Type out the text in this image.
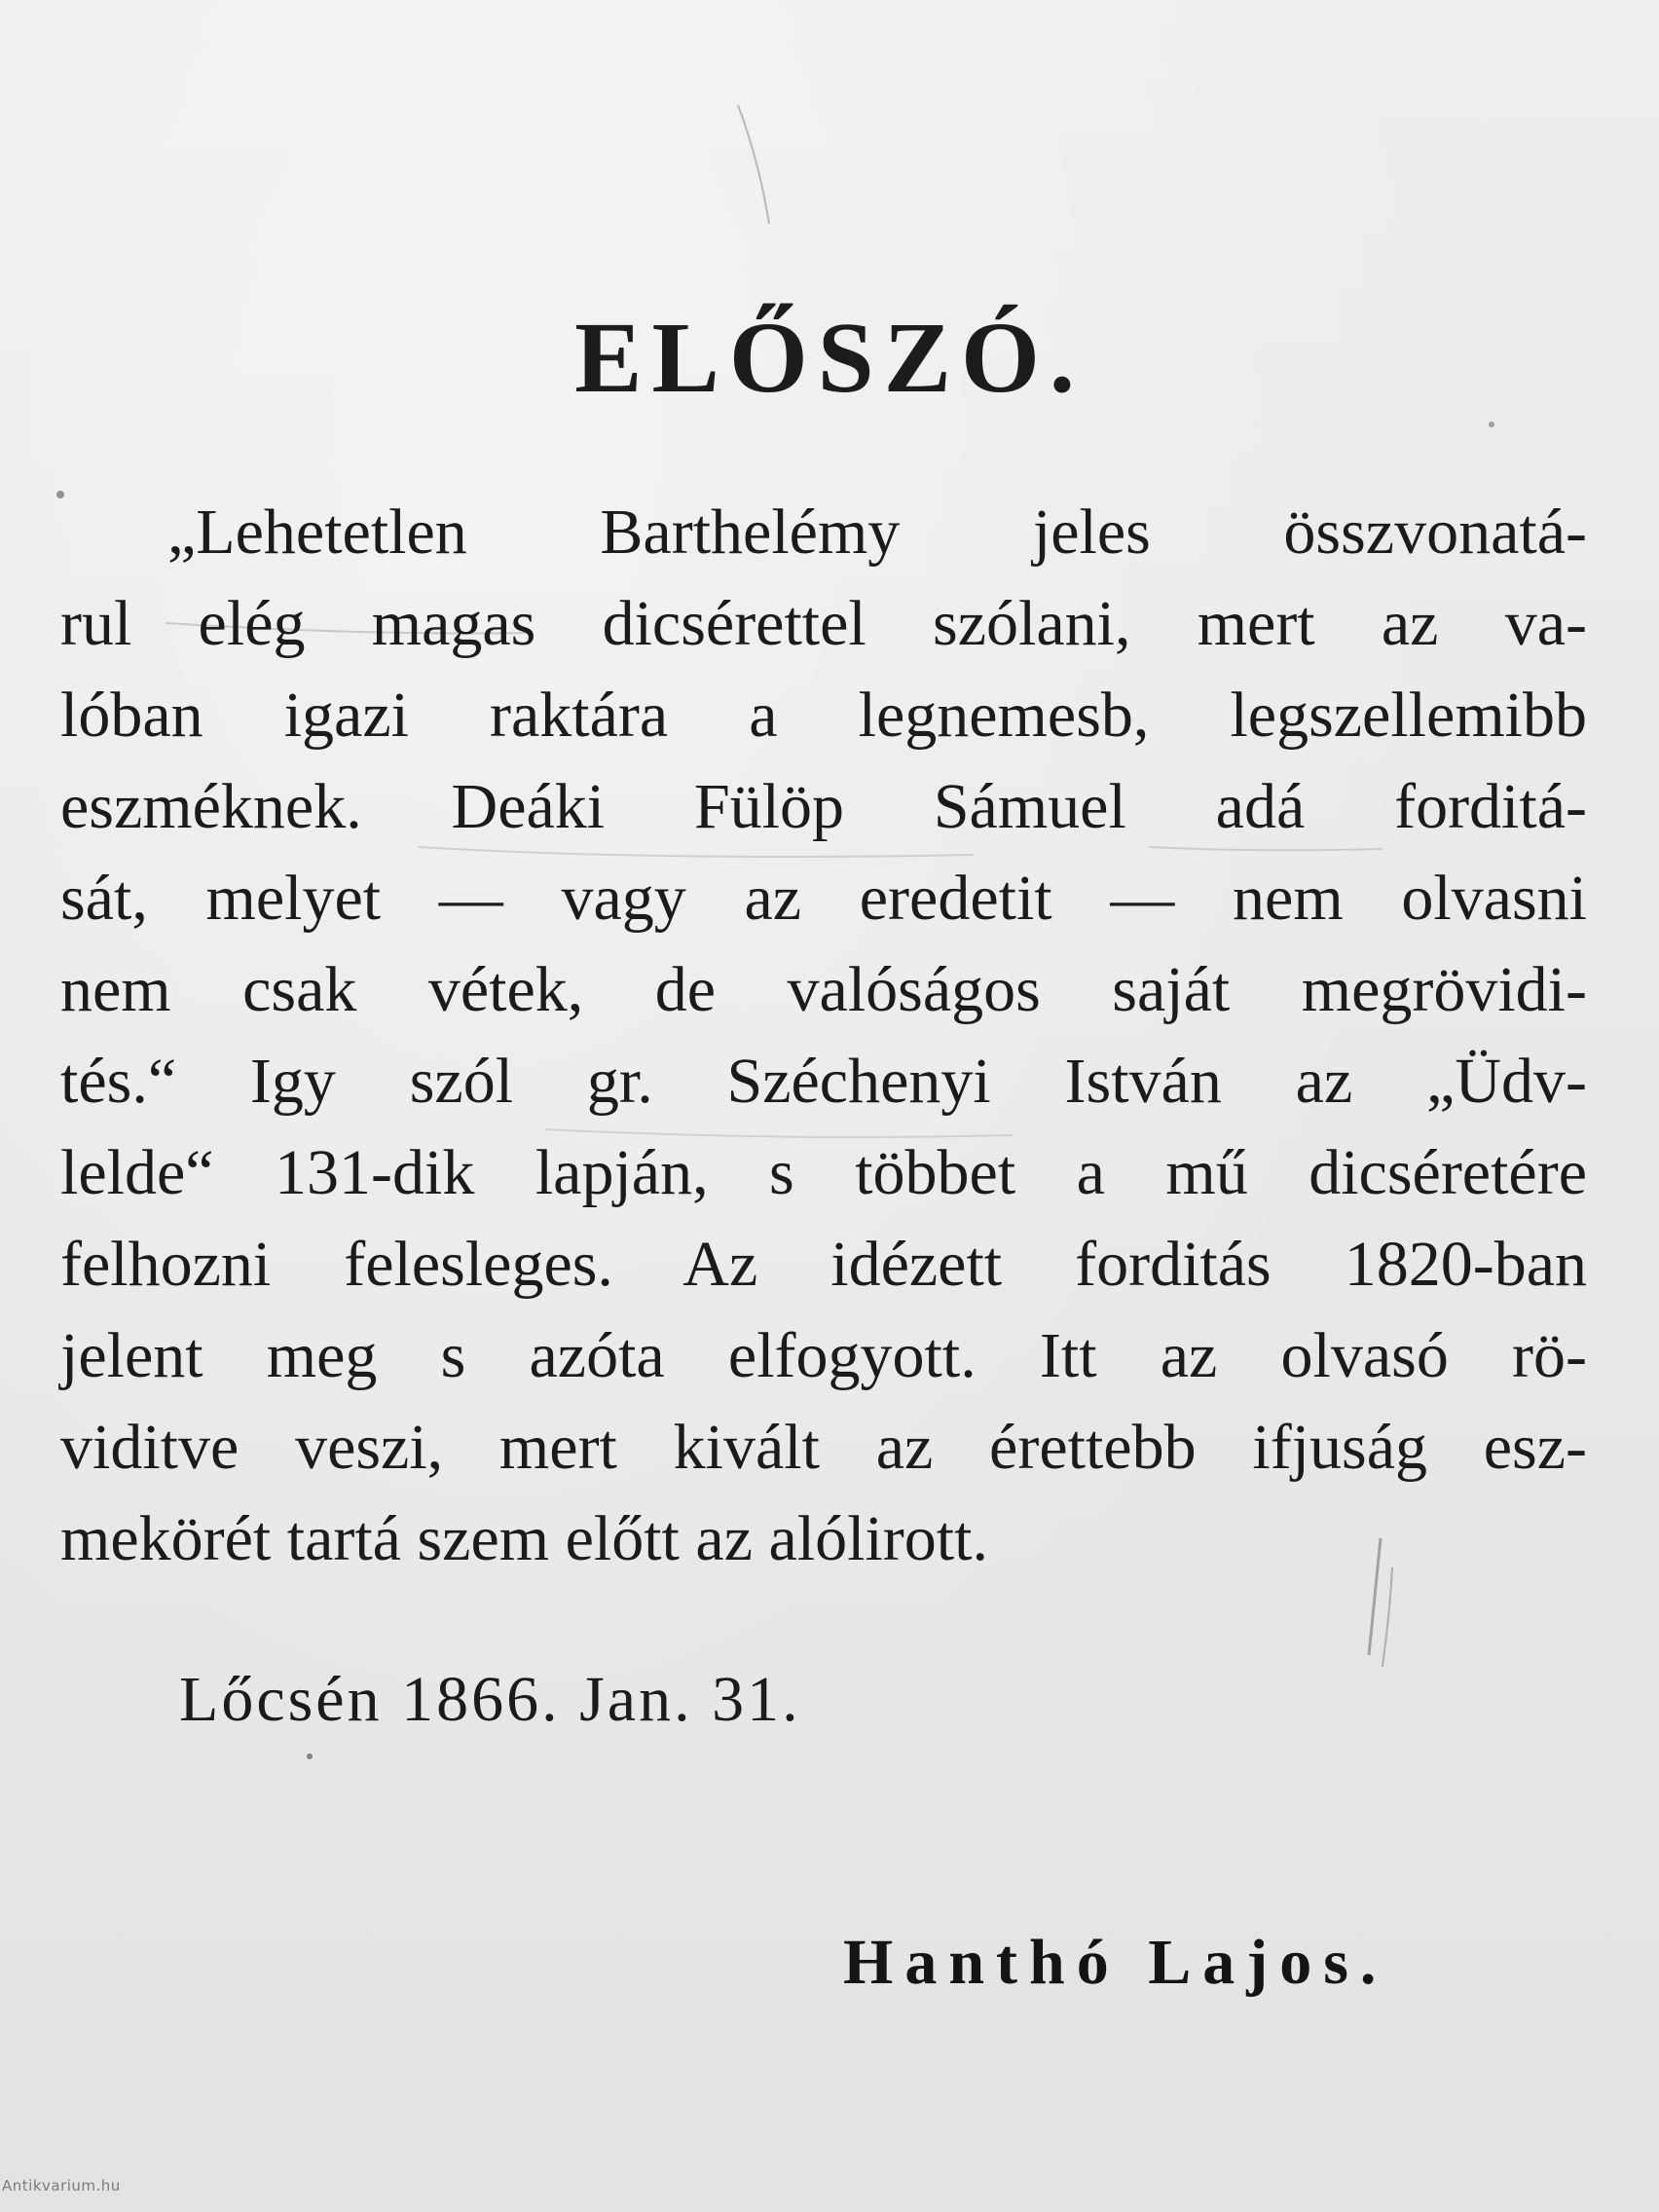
ELŐSZÓ.
„Lehetetlen Barthelémy jeles összvonatá-
rul elég magas dicsérettel szólani, mert az va-
lóban igazi raktára a legnemesb, legszellemibb
eszméknek. Deáki Fülöp Sámuel adá forditá-
sát, melyet — vagy az eredetit — nem olvasni
nem csak vétek, de valóságos saját megrövidi-
tés.“ Igy szól gr. Széchenyi István az „Üdv-
lelde“ 131-dik lapján, s többet a mű dicséretére
felhozni felesleges. Az idézett forditás 1820-ban
jelent meg s azóta elfogyott. Itt az olvasó rö-
viditve veszi, mert kivált az érettebb ifjuság esz-
mekörét tartá szem előtt az alólirott.

Lőcsén 1866. Jan. 31.

Hanthó Lajos.

Antikvarium.hu
